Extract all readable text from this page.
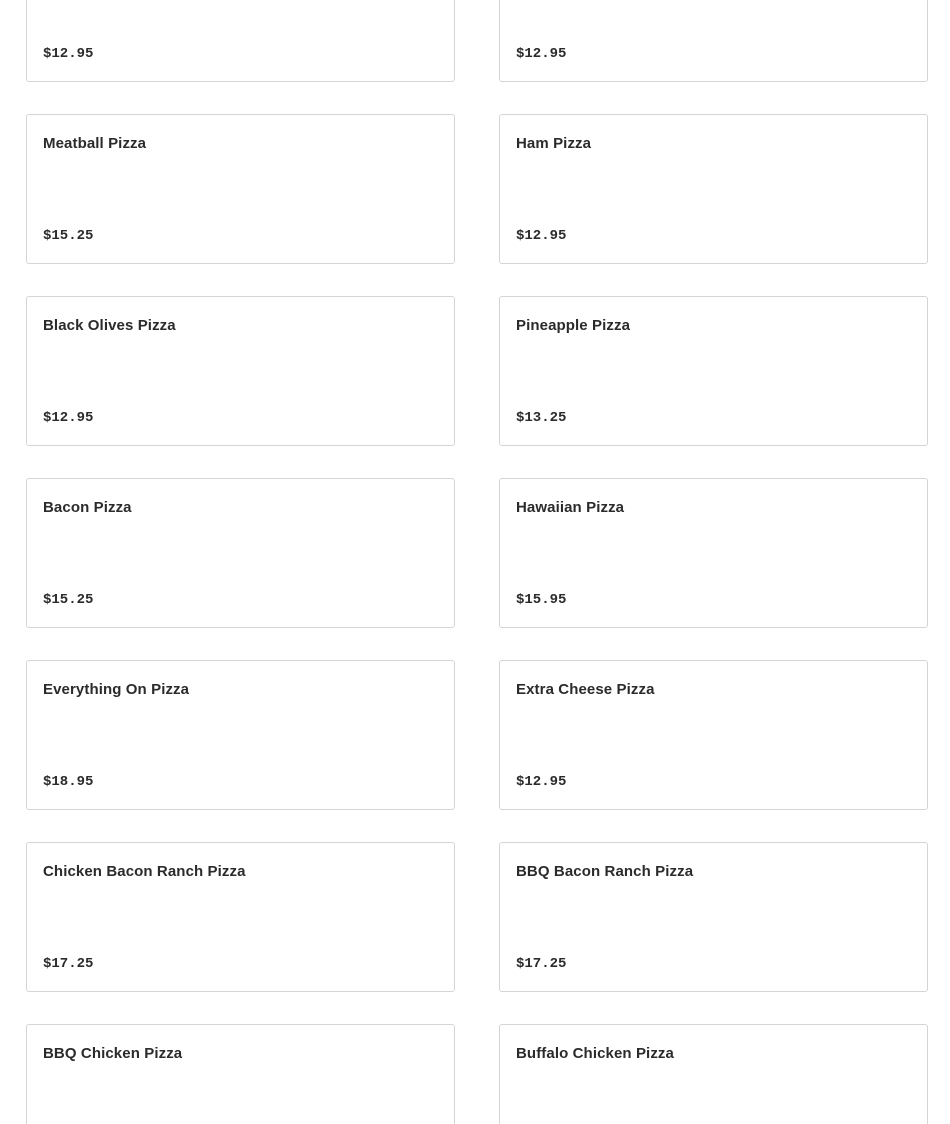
$12.95	$12.95
Meatball Pizza
$15.25
Ham Pizza
$12.95
Black Olives Pizza
$12.95
Pineapple Pizza
$13.25
Bacon Pizza
$15.25
Hawaiian Pizza
$15.95
Everything On Pizza
$18.95
Extra Cheese Pizza
$12.95
Chicken Bacon Ranch Pizza
$17.25
BBQ Bacon Ranch Pizza
$17.25
BBQ Chicken Pizza	Buffalo Chicken Pizza
